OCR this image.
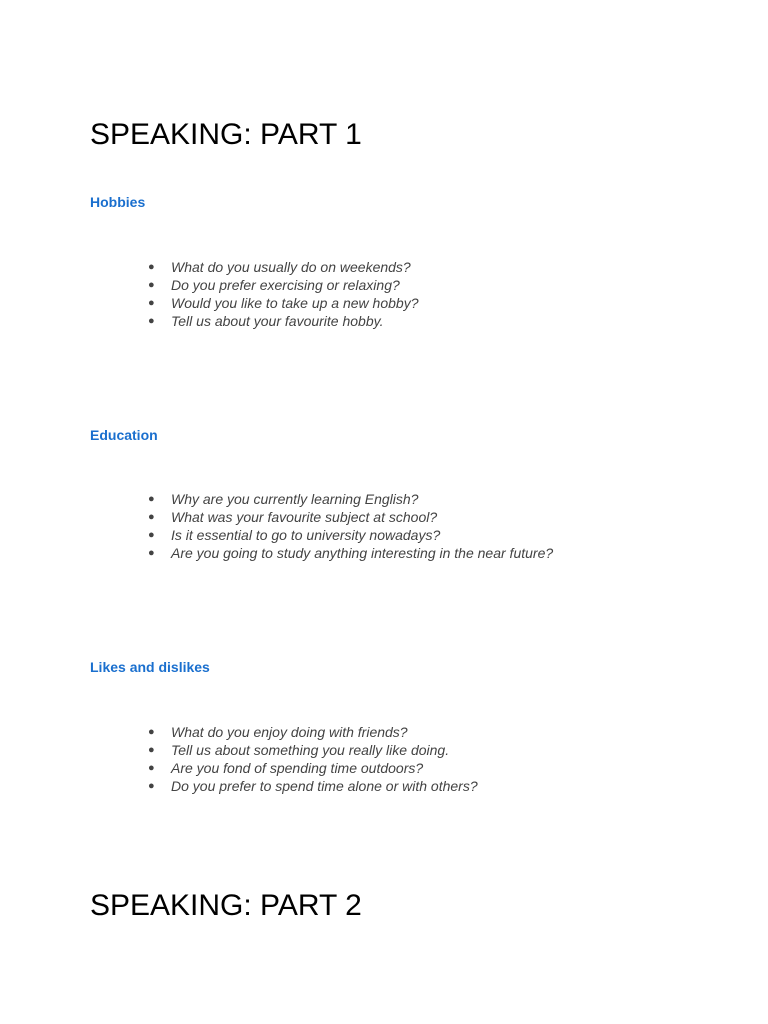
SPEAKING: PART 1
Hobbies
●	What do you usually do on weekends?
●	Do you prefer exercising or relaxing?
●	Would you like to take up a new hobby?
●	Tell us about your favourite hobby.
Education
●	Why are you currently learning English?
●	What was your favourite subject at school?
●	Is it essential to go to university nowadays?
●	Are you going to study anything interesting in the near future?
Likes and dislikes
●	What do you enjoy doing with friends?
●	Tell us about something you really like doing.
●	Are you fond of spending time outdoors?
●	Do you prefer to spend time alone or with others?
SPEAKING: PART 2
